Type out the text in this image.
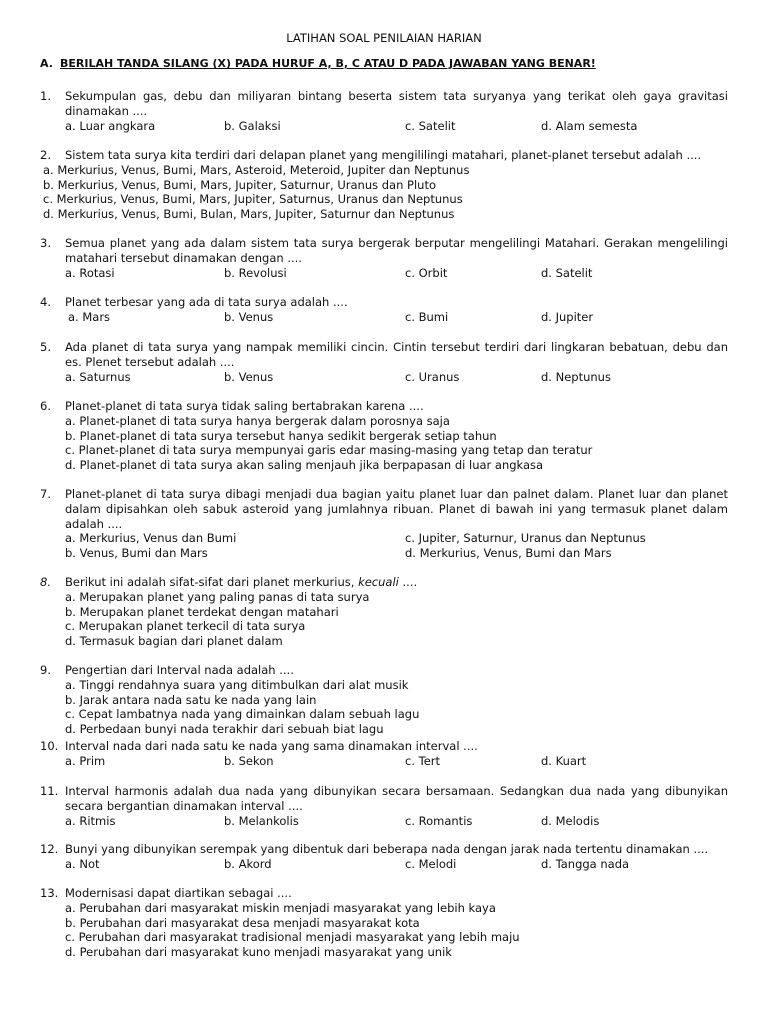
LATIHAN SOAL PENILAIAN HARIAN
A. BERILAH TANDA SILANG (X) PADA HURUF A, B, C ATAU D PADA JAWABAN YANG BENAR!
1.	Sekumpulan gas, debu dan miliyaran bintang beserta sistem tata suryanya yang terikat oleh gaya gravitasi dinamakan ....
a. Luar angkara	b. Galaksi	c. Satelit	d. Alam semesta
2.	Sistem tata surya kita terdiri dari delapan planet yang mengililingi matahari, planet-planet tersebut adalah ....
a. Merkurius, Venus, Bumi, Mars, Asteroid, Meteroid, Jupiter dan Neptunus
b. Merkurius, Venus, Bumi, Mars, Jupiter, Saturnur, Uranus dan Pluto
c. Merkurius, Venus, Bumi, Mars, Jupiter, Saturnus, Uranus dan Neptunus
d. Merkurius, Venus, Bumi, Bulan, Mars, Jupiter, Saturnur dan Neptunus
3.	Semua planet yang ada dalam sistem tata surya bergerak berputar mengelilingi Matahari. Gerakan mengelilingi matahari tersebut dinamakan dengan ....
a. Rotasi	b. Revolusi	c. Orbit	d. Satelit
4.	Planet terbesar yang ada di tata surya adalah ....
a. Mars	b. Venus	c. Bumi	d. Jupiter
5.	Ada planet di tata surya yang nampak memiliki cincin. Cintin tersebut terdiri dari lingkaran bebatuan, debu dan es. Plenet tersebut adalah ....
a. Saturnus	b. Venus	c. Uranus	d. Neptunus
6.	Planet-planet di tata surya tidak saling bertabrakan karena ....
a. Planet-planet di tata surya hanya bergerak dalam porosnya saja
b. Planet-planet di tata surya tersebut hanya sedikit bergerak setiap tahun
c. Planet-planet di tata surya mempunyai garis edar masing-masing yang tetap dan teratur
d. Planet-planet di tata surya akan saling menjauh jika berpapasan di luar angkasa
7.	Planet-planet di tata surya dibagi menjadi dua bagian yaitu planet luar dan palnet dalam. Planet luar dan planet dalam dipisahkan oleh sabuk asteroid yang jumlahnya ribuan. Planet di bawah ini yang termasuk planet dalam adalah ....
a. Merkurius, Venus dan Bumi	c. Jupiter, Saturnur, Uranus dan Neptunus
b. Venus, Bumi dan Mars	d. Merkurius, Venus, Bumi dan Mars
8.	Berikut ini adalah sifat-sifat dari planet merkurius, kecuali ....
a. Merupakan planet yang paling panas di tata surya
b. Merupakan planet terdekat dengan matahari
c. Merupakan planet terkecil di tata surya
d. Termasuk bagian dari planet dalam
9.	Pengertian dari Interval nada adalah ....
a. Tinggi rendahnya suara yang ditimbulkan dari alat musik
b. Jarak antara nada satu ke nada yang lain
c. Cepat lambatnya nada yang dimainkan dalam sebuah lagu
d. Perbedaan bunyi nada terakhir dari sebuah biat lagu
10. Interval nada dari nada satu ke nada yang sama dinamakan interval ....
a. Prim	b. Sekon	c. Tert	d. Kuart
11. Interval harmonis adalah dua nada yang dibunyikan secara bersamaan. Sedangkan dua nada yang dibunyikan secara bergantian dinamakan interval ....
a. Ritmis	b. Melankolis	c. Romantis	d. Melodis
12. Bunyi yang dibunyikan serempak yang dibentuk dari beberapa nada dengan jarak nada tertentu dinamakan ....
a. Not	b. Akord	c. Melodi	d. Tangga nada
13. Modernisasi dapat diartikan sebagai ....
a. Perubahan dari masyarakat miskin menjadi masyarakat yang lebih kaya
b. Perubahan dari masyarakat desa menjadi masyarakat kota
c. Perubahan dari masyarakat tradisional menjadi masyarakat yang lebih maju
d. Perubahan dari masyarakat kuno menjadi masyarakat yang unik
